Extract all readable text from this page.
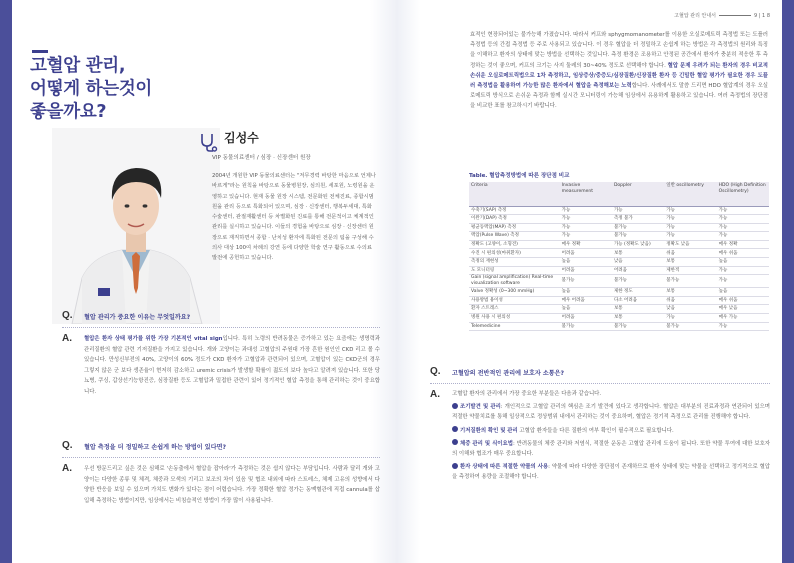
고혈압 관리,
어떻게 하는것이
좋을까요?
김성수
VIP 동물의료센터 / 심장 · 신장센터 원장
2004년 개원한 VIP 동물의료센터는 "저무경력 바탕한 마음으로 언제나 바르게"라는 원칙을 바탕으로 동물병원장, 심의원, 세포원, 노령원을 운영하고 있습니다. 현재 동물 원장 시스템, 전문화된 전체진료, 종합시범원을 관리 등으로 특화되어 있으며, 심장 · 신장센터, 행복두세대, 특화수술센터, 관절재활센터 등 차별화된 진료를 통해 전문적이고 체계적인 관리를 실시하고 있습니다. 이들의 경험을 바탕으로 심장 · 신장센터 원장으로 재직하면서 종합 · 난치성 환자에 특화된 전문의 팀을 구성해 수의사 대상 100여 차례의 강연 등에 다양한 학술 연구 활동으로 수의료 발전에 공헌하고 있습니다.
Q.	혈압 관리가 중요한 이유는 무엇일까요?
A.	혈압은 환자 상태 평가를 위한 가장 기본적인 vital sign입니다. 특히 노령의 반려동물은 증가하고 있는 요즘에는 생명력과 관리질환의 혈압 관련 기저질환을 가지고 있습니다. 개와 고양이는 과대성 고혈압의 주원대 가장 흔한 원인인 CKD 리고 볼 수 있습니다. 만성신부전의 40%, 고양이의 60% 정도가 CKD 환자가 고혈압과 관련되어 있으며, 고혈압이 있는 CKD군의 경우 그렇지 않은 군 보다 생존율이 현저히 감소하고 uremic crisis가 발생할 확률이 젊도의 보다 높다고 알려져 있습니다. 또한 당뇨병, 쿠싱, 갑상선기능항진증, 심장질환 등도 고혈압과 밀접한 관련이 있어 정기적인 혈압 측정을 통해 관리하는 것이 중요합니다.
Q.	혈압 측정을 더 정밀하고 손쉽게 하는 방법이 있다면?
A.	우선 방문드리고 싶은 것은 심해로 '손동출에서 혈압을 잡아라'가 측정하는 것은 쉽지 않다는 부담입니다. 사람과 달리 개와 고양이는 다양한 종류 및 체격, 체중과 모색의 기리고 보조의 차이 있음 및 협조 내외에 따라 스트레스, 체제 고유의 성향에서 다양한 반응을 보일 수 있으며 가치도 변화가 있다는 점이 어렵습니다. 가장 정확한 혈압 정가는 동맥혈관에 직접 cannula를 삽입해 측정하는 방법이지만, 임상에서는 비침습적인 방법이 가장 많이 사용됩니다.
고혈압 관리 안내서	9 | 1 8
효적인 현장되어있는 불가능해 가졌습니다. 따라서 커프와 sphygmomanometer를 이용한 오실로메트릭 측정법 또는 도플러 측정법 등의 간접 측정법 등 주로 사용되고 있습니다. 이 경우 혈압을 더 정밀하고 손쉽게 하는 방법은 각 측정법의 원리와 특징을 이해하고 환자의 상태에 맞는 방법을 선택하는 것입니다. 측정 환경은 조용하고 안정된 공간에서 환자가 충분히 적응한 후 측정하는 것이 좋으며, 커프의 크기는 사지 둘레의 30~40% 정도로 선택해야 합니다. 혈압 문제 우려가 되는 환자의 경우 비교적 손쉬운 오실로메트릭법으로 1차 측정하고, 임상증상/중증도/심장질환/신장질환 환자 등 긴밀한 혈압 평가가 필요한 경우 도플러 측정법을 활용하여 가능한 많은 환자에서 혈압을 측정해보는 노력합니다. 사례에서도 말씀 드리면 HDO 혈압계의 경우 오실로메트릭 방식으로 손쉬운 측정과 함께 실시간 모니터링이 가능해 임상에서 유용하게 활용하고 있습니다. 여러 측정법의 장단점을 비교한 표를 참고하시기 바랍니다.
Table. 혈압측정방법에 따른 장단점 비교
Criteria	Invasive measurement	Doppler	일반 oscillometry	HDO (High Definition Oscillometry)
수축기(SAP) 측정	가능	가능	가능	가능
이완기(DAP) 측정	가능	측정 불가	가능	가능
평균동맥압(MAP) 측정	가능	불가능	가능	가능
맥압(Pulse Wave) 측정	가능	불가능	가능	가능
정확도 (고양이, 소형견)	매우 정확	가능 (정확도 낮음)	정확도 낮음	매우 정확
수진 시 편의성(마취환자)	어려움	보통	쉬움	매우 쉬움
측정의 재현성	높음	낮음	보통	높음
도 모니터링	어려움	어려움	제한적	가능
Gain (signal amplification) Real-time visualization software	불가능	불가능	불가능	가능
Valve 정확성 (0~300 mmHg)	높음	제한 정도	보통	높음
사용방법 용이성	매우 어려움	다소 어려움	쉬움	매우 쉬움
환자 스트레스	높음	보통	낮음	매우 낮음
병원 사용 시 편의성	어려움	보통	가능	매우 가능
Telemedicine	불가능	불가능	불가능	가능
Q.	고혈압의 전반적인 관리에 보호자 소통은?
A.	고혈압 환자의 관리에서 가장 중요한 부분들은 다음과 같습니다.

조기발견 및 관리: 개인적으로 고혈압 관리의 핵심은 조기 발견에 있다고 생각합니다. 혈압은 대부분의 진료과정과 연관되어 있으며 적절한 약물치료를 통해 일상적으로 정상범위 내에서 관리하는 것이 중요하며, 혈압은 정기적 측정으로 관리를 진행해야 합니다.

기저질환의 확인 및 관리 고혈압 환자들을 다른 질환의 여부 확인이 필수적으로 필요합니다.

체중 관리 및 식이요법: 반려동물의 체중 관리와 저염식, 적절한 운동은 고혈압 관리에 도움이 됩니다. 또한 약물 투여에 대한 보호자의 이해와 협조가 매우 중요합니다.

환자 상태에 따른 적절한 약물의 사용: 약물에 따라 다양한 장단점이 존재하므로 환자 상태에 맞는 약물을 선택하고 정기적으로 혈압을 측정하여 용량을 조절해야 합니다.
